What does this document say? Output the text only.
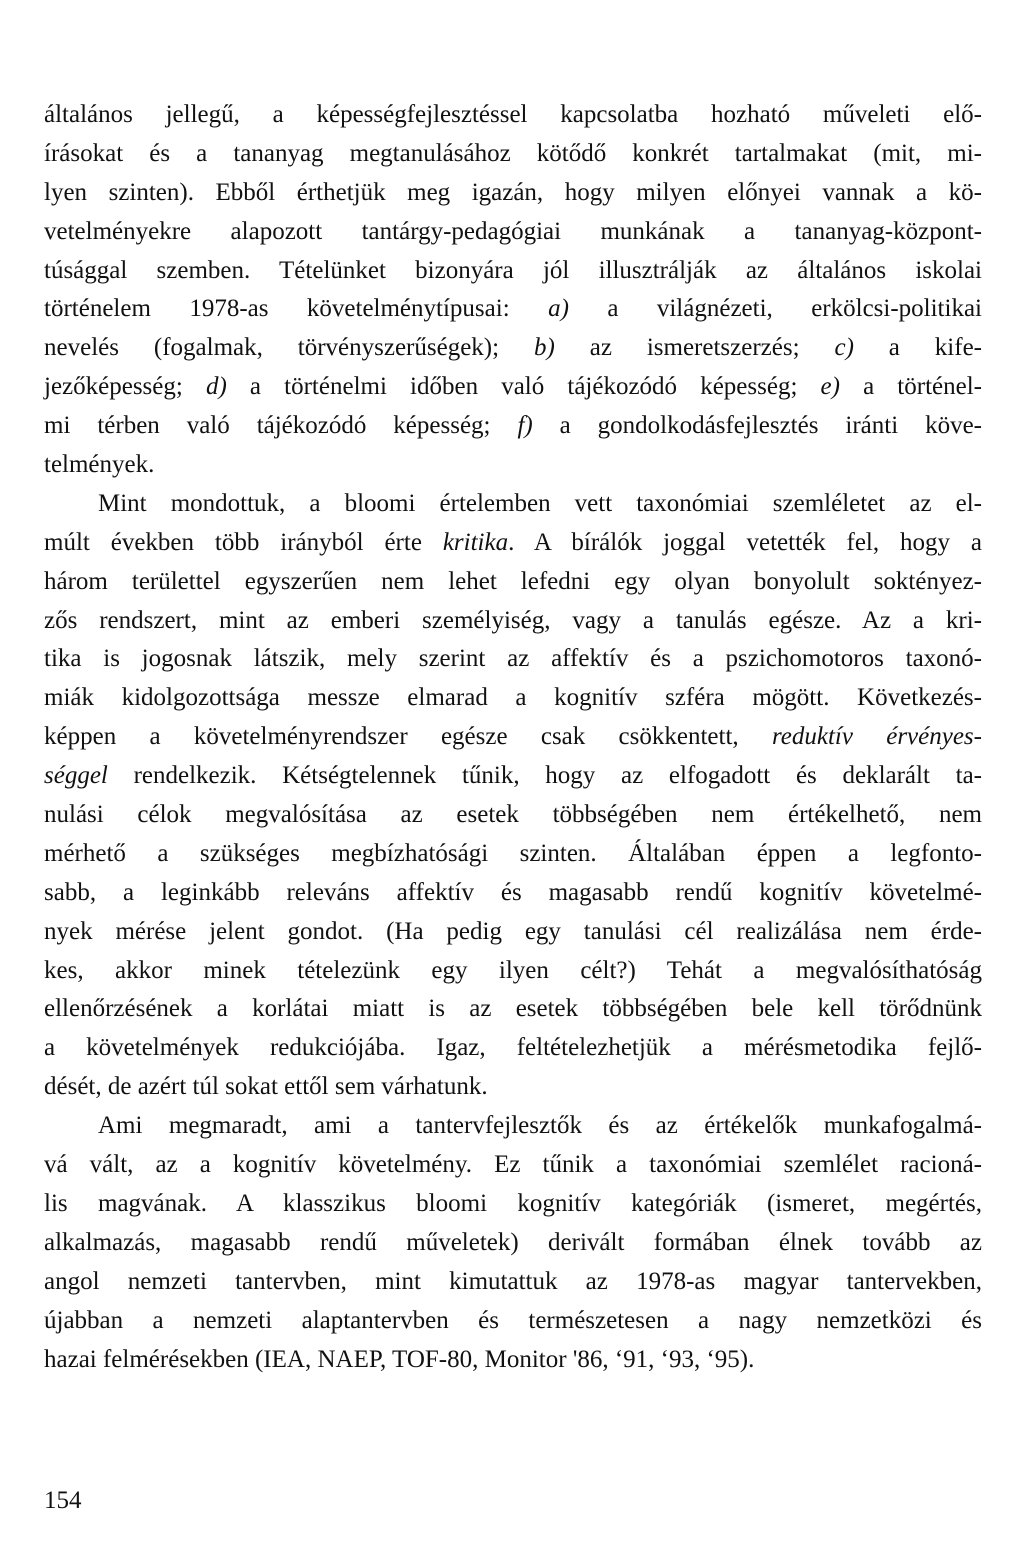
általános jellegű, a képességfejlesztéssel kapcsolatba hozható műveleti elő-
írásokat és a tananyag megtanulásához kötődő konkrét tartalmakat (mit, mi-
lyen szinten). Ebből érthetjük meg igazán, hogy milyen előnyei vannak a kö-
vetelményekre alapozott tantárgy-pedagógiai munkának a tananyag-központ-
túsággal szemben. Tételünket bizonyára jól illusztrálják az általános iskolai
történelem 1978-as követelménytípusai: a) a világnézeti, erkölcsi-politikai
nevelés (fogalmak, törvényszerűségek); b) az ismeretszerzés; c) a kife-
jezőképesség; d) a történelmi időben való tájékozódó képesség; e) a történel-
mi térben való tájékozódó képesség; f) a gondolkodásfejlesztés iránti köve-
telmények.
Mint mondottuk, a bloomi értelemben vett taxonómiai szemléletet az el-
múlt években több irányból érte kritika. A bírálók joggal vetették fel, hogy a
három területtel egyszerűen nem lehet lefedni egy olyan bonyolult soktényez-
zős rendszert, mint az emberi személyiség, vagy a tanulás egésze. Az a kri-
tika is jogosnak látszik, mely szerint az affektív és a pszichomotoros taxonó-
miák kidolgozottsága messze elmarad a kognitív szféra mögött. Következés-
képpen a követelményrendszer egésze csak csökkentett, reduktív érvényes-
séggel rendelkezik. Kétségtelennek tűnik, hogy az elfogadott és deklarált ta-
nulási célok megvalósítása az esetek többségében nem értékelhető, nem
mérhető a szükséges megbízhatósági szinten. Általában éppen a legfonto-
sabb, a leginkább releváns affektív és magasabb rendű kognitív követelmé-
nyek mérése jelent gondot. (Ha pedig egy tanulási cél realizálása nem érde-
kes, akkor minek tételezünk egy ilyen célt?) Tehát a megvalósíthatóság
ellenőrzésének a korlátai miatt is az esetek többségében bele kell törődnünk
a követelmények redukciójába. Igaz, feltételezhetjük a mérésmetodika fejlő-
dését, de azért túl sokat ettől sem várhatunk.
Ami megmaradt, ami a tantervfejlesztők és az értékelők munkafogalmá-
vá vált, az a kognitív követelmény. Ez tűnik a taxonómiai szemlélet racioná-
lis magvának. A klasszikus bloomi kognitív kategóriák (ismeret, megértés,
alkalmazás, magasabb rendű műveletek) derivált formában élnek tovább az
angol nemzeti tantervben, mint kimutattuk az 1978-as magyar tantervekben,
újabban a nemzeti alaptantervben és természetesen a nagy nemzetközi és
hazai felmérésekben (IEA, NAEP, TOF-80, Monitor '86, ‘91, ‘93, ‘95).
154
